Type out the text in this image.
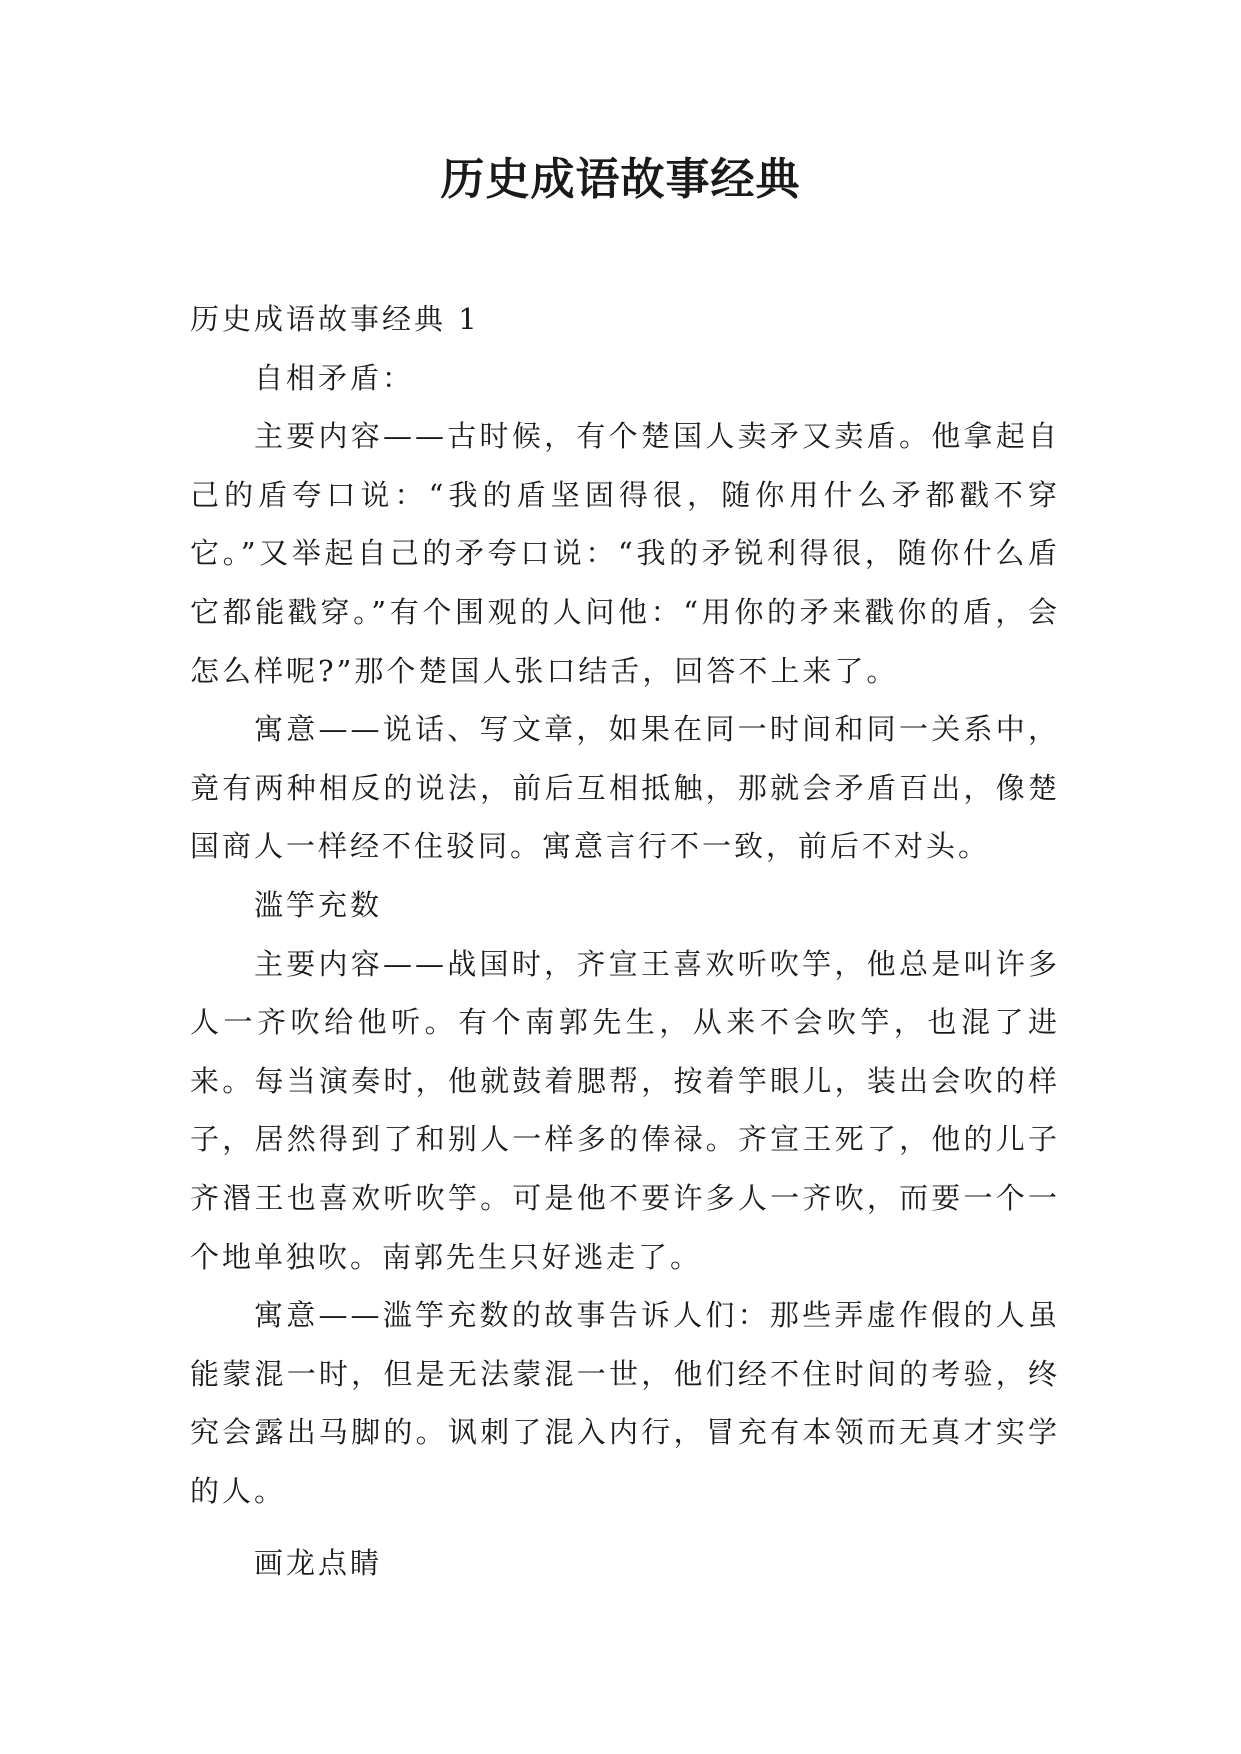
历史成语故事经典

历史成语故事经典 1

自相矛盾：

主要内容——古时候，有个楚国人卖矛又卖盾。他拿起自己的盾夸口说：“我的盾坚固得很，随你用什么矛都戳不穿它。”又举起自己的矛夸口说：“我的矛锐利得很，随你什么盾它都能戳穿。”有个围观的人问他：“用你的矛来戳你的盾，会怎么样呢?”那个楚国人张口结舌，回答不上来了。

寓意——说话、写文章，如果在同一时间和同一关系中，竟有两种相反的说法，前后互相抵触，那就会矛盾百出，像楚国商人一样经不住驳同。寓意言行不一致，前后不对头。

滥竽充数

主要内容——战国时，齐宣王喜欢听吹竽，他总是叫许多人一齐吹给他听。有个南郭先生，从来不会吹竽，也混了进来。每当演奏时，他就鼓着腮帮，按着竽眼儿，装出会吹的样子，居然得到了和别人一样多的俸禄。齐宣王死了，他的儿子齐湣王也喜欢听吹竽。可是他不要许多人一齐吹，而要一个一个地单独吹。南郭先生只好逃走了。

寓意——滥竽充数的故事告诉人们：那些弄虚作假的人虽能蒙混一时，但是无法蒙混一世，他们经不住时间的考验，终究会露出马脚的。讽刺了混入内行，冒充有本领而无真才实学的人。

画龙点睛
